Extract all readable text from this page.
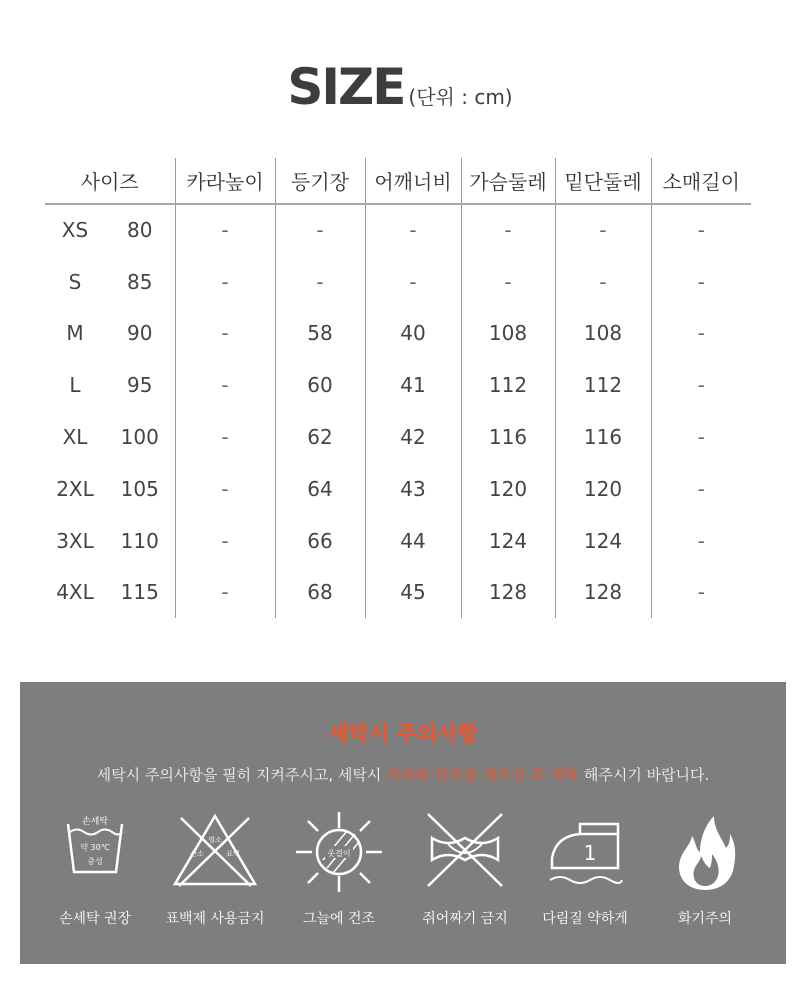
SIZE (단위 : cm)
사이즈		카라높이	등기장	어깨너비	가슴둘레	밑단둘레	소매길이
XS	80	-	-	-	-	-	-
S	85	-	-	-	-	-	-
M	90	-	58	40	108	108	-
L	95	-	60	41	112	112	-
XL	100	-	62	42	116	116	-
2XL	105	-	64	43	120	120	-
3XL	110	-	66	44	124	124	-
4XL	115	-	68	45	128	128	-
세탁시 주의사항
세탁시 주의사항을 필히 지켜주시고, 세탁시 지퍼와 단추를 채우신 후 세탁 해주시기 바랍니다.
손세탁
약 30℃
중성
손세탁 권장
염소
산소	표백
표백제 사용금지
옷걸이
그늘에 건조	쥐어짜기 금지
1
다림질 약하게	화기주의
